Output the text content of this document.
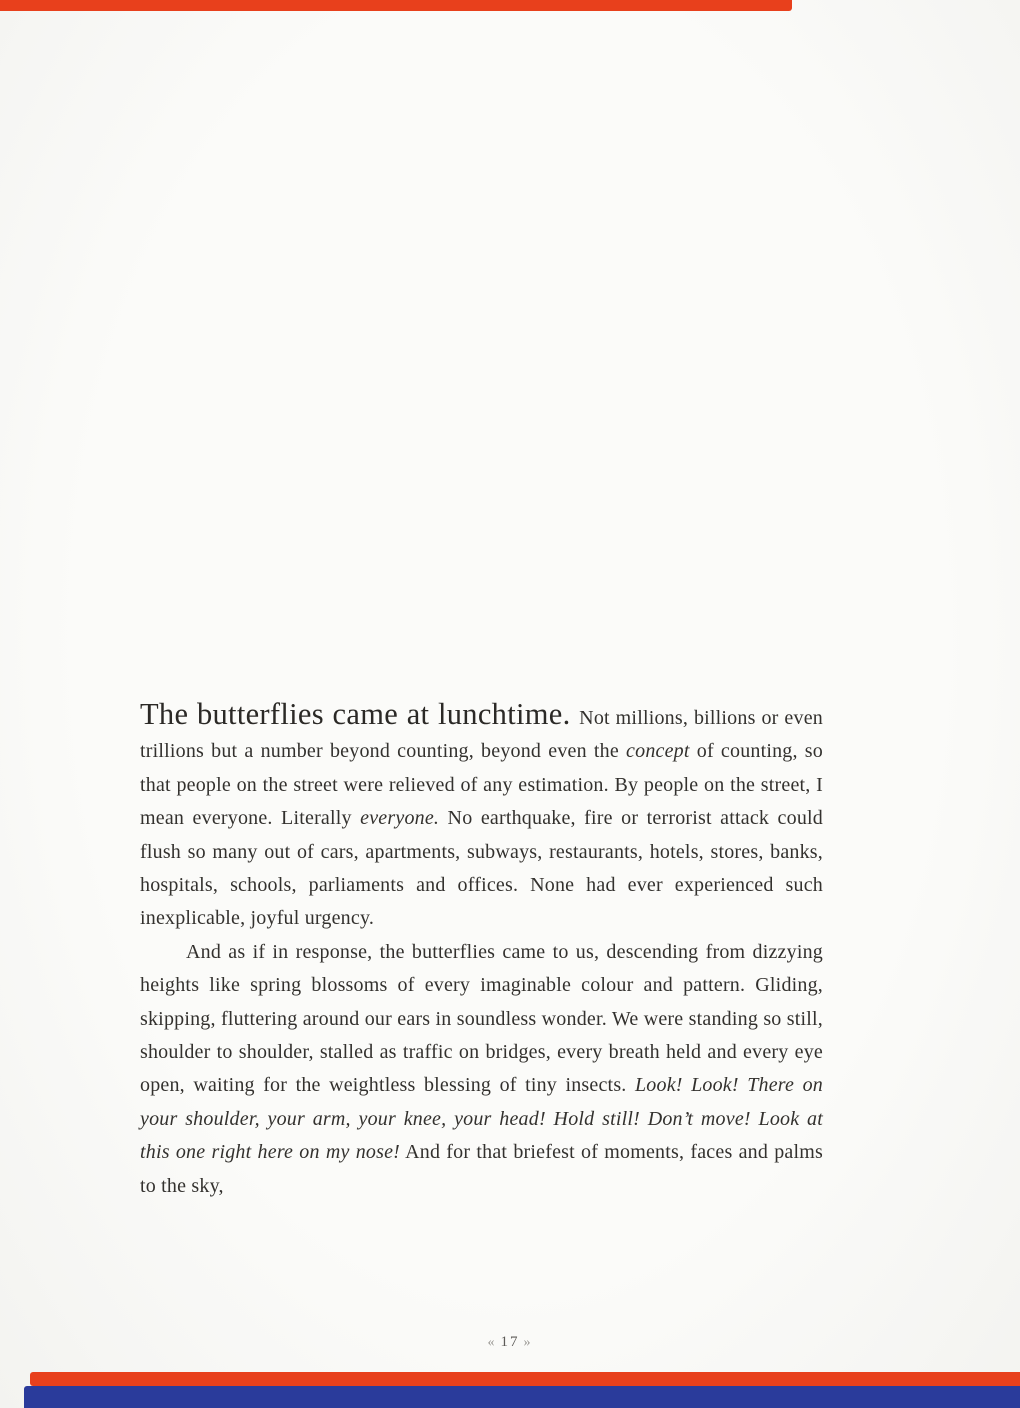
The butterflies came at lunchtime. Not millions, billions or even trillions but a number beyond counting, beyond even the concept of counting, so that people on the street were relieved of any estimation. By people on the street, I mean everyone. Literally everyone. No earthquake, fire or terrorist attack could flush so many out of cars, apartments, subways, restaurants, hotels, stores, banks, hospitals, schools, parliaments and offices. None had ever experienced such inexplicable, joyful urgency.

And as if in response, the butterflies came to us, descending from dizzying heights like spring blossoms of every imaginable colour and pattern. Gliding, skipping, fluttering around our ears in soundless wonder. We were standing so still, shoulder to shoulder, stalled as traffic on bridges, every breath held and every eye open, waiting for the weightless blessing of tiny insects. Look! Look! There on your shoulder, your arm, your knee, your head! Hold still! Don’t move! Look at this one right here on my nose! And for that briefest of moments, faces and palms to the sky,

« 17 »
